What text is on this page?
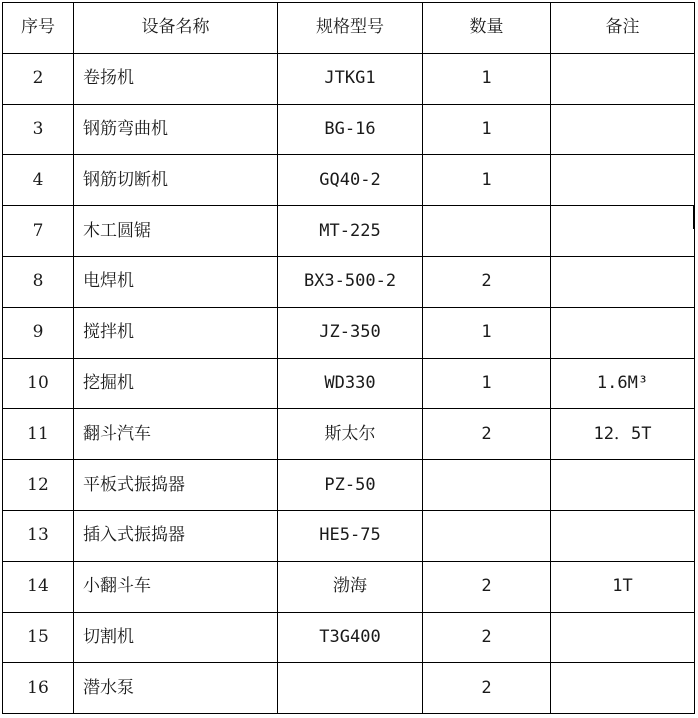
序号	设备名称	规格型号	数量	备注
2	卷扬机	JTKG1	1	
3	钢筋弯曲机	BG-16	1	
4	钢筋切断机	GQ40-2	1	
7	木工圆锯	MT-225		
8	电焊机	BX3-500-2	2	
9	搅拌机	JZ-350	1	
10	挖掘机	WD330	1	1.6M³
11	翻斗汽车	斯太尔	2	12．5T
12	平板式振捣器	PZ-50		
13	插入式振捣器	HE5-75		
14	小翻斗车	渤海	2	1T
15	切割机	T3G400	2	
16	潜水泵		2	
